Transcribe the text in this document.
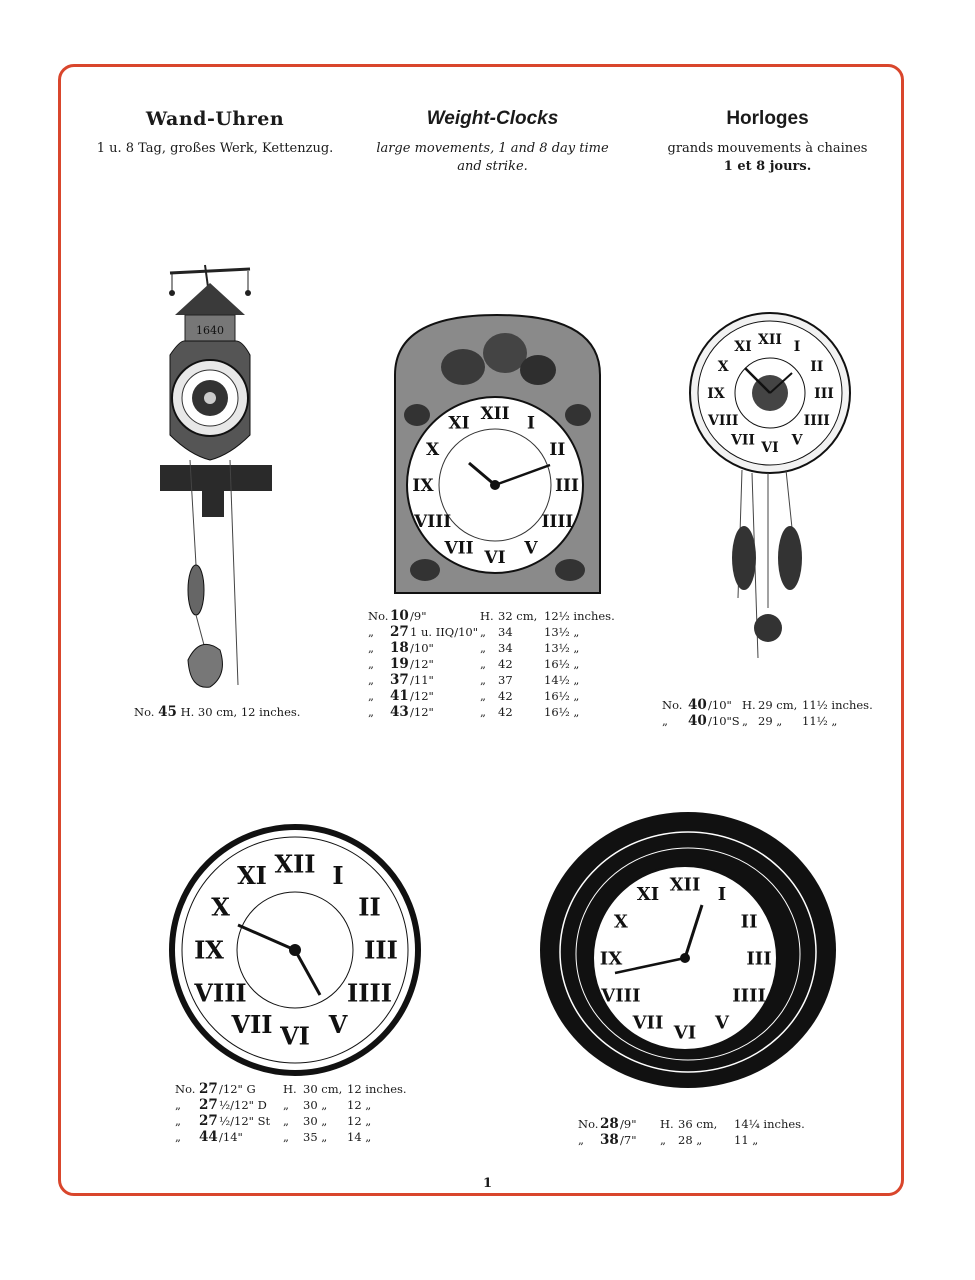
Wand-Uhren
1 u. 8 Tag, großes Werk, Kettenzug.
Weight-Clocks
large movements, 1 and 8 day time
and strike.
Horloges
grands mouvements à chaines
1 et 8 jours.
1640
No. 45 H. 30 cm, 12 inches.
XII I
II
III
IIII
V
VI
VII
VIII
IX
X
XI
No. 10 /9"	H. 32 cm, 12½ inches.
„ 27 1 u. IIQ/10" „ 34	13½ „
„ 18 /10"	„ 34	13½ „
„ 19 /12"	„ 42	16½ „
„ 37 /11"	„ 37	14½ „
„ 41 /12"	„ 42	16½ „
„ 43 /12"	„ 42	16½ „
XII I
II
III
IIII
V
VI
VII
VIII
IX
X
XI
No. 40 /10" H. 29 cm, 11½ inches.
„ 40 /10"S „ 29 „ 11½ „
XII I
II
III
IIII
V
VI
VII
VIII
IX
X
XI
No. 27 /12" G H. 30 cm, 12 inches.
„ 27 ½/12" D „ 30 „ 12 „
„ 27 ½/12" St „ 30 „ 12 „
„ 44 /14"	„ 35 „ 14 „
XII I
II
III
IIII
V
VI
VII
VIII
IX
X
XI
No. 28 /9" H. 36 cm, 14¼ inches.
„ 38 /7" „ 28 „	11 „
1
